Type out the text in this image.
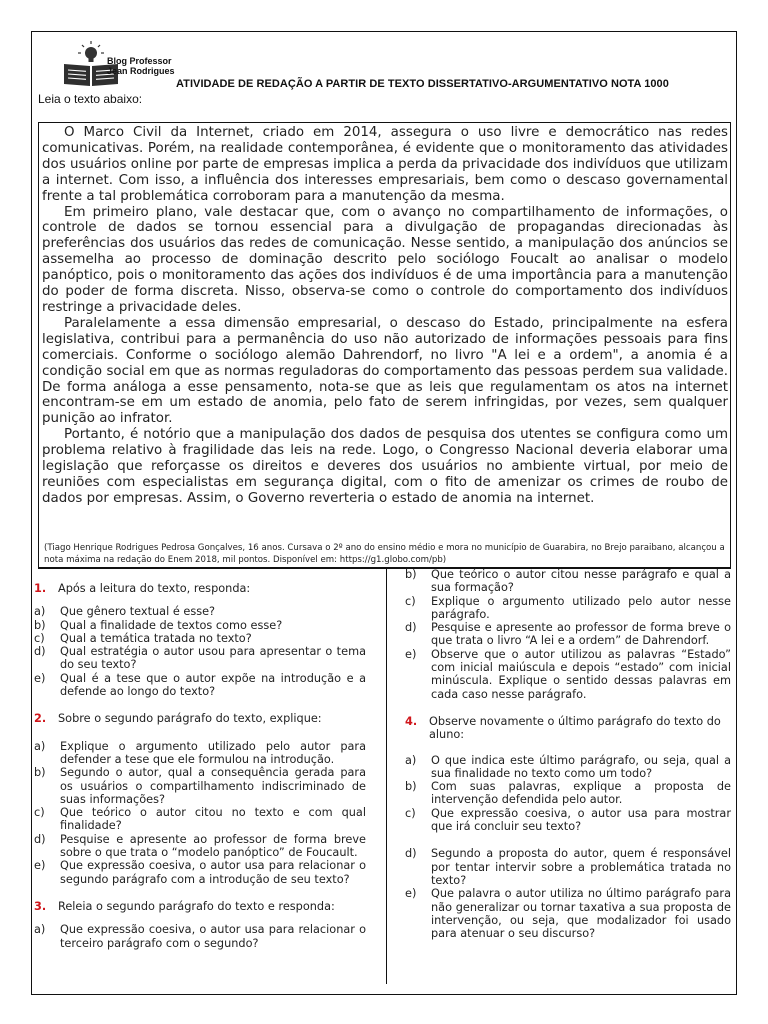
Blog Professor
Jean Rodrigues
ATIVIDADE DE REDAÇÃO A PARTIR DE TEXTO DISSERTATIVO-ARGUMENTATIVO NOTA 1000
Leia o texto abaixo:

O Marco Civil da Internet, criado em 2014, assegura o uso livre e democrático nas redes comunicativas. Porém, na realidade contemporânea, é evidente que o monitoramento das atividades dos usuários online por parte de empresas implica a perda da privacidade dos indivíduos que utilizam a internet. Com isso, a influência dos interesses empresariais, bem como o descaso governamental frente a tal problemática corroboram para a manutenção da mesma.

Em primeiro plano, vale destacar que, com o avanço no compartilhamento de informações, o controle de dados se tornou essencial para a divulgação de propagandas direcionadas às preferências dos usuários das redes de comunicação. Nesse sentido, a manipulação dos anúncios se assemelha ao processo de dominação descrito pelo sociólogo Foucalt ao analisar o modelo panóptico, pois o monitoramento das ações dos indivíduos é de uma importância para a manutenção do poder de forma discreta. Nisso, observa-se como o controle do comportamento dos indivíduos restringe a privacidade deles.

Paralelamente a essa dimensão empresarial, o descaso do Estado, principalmente na esfera legislativa, contribui para a permanência do uso não autorizado de informações pessoais para fins comerciais. Conforme o sociólogo alemão Dahrendorf, no livro "A lei e a ordem", a anomia é a condição social em que as normas reguladoras do comportamento das pessoas perdem sua validade. De forma análoga a esse pensamento, nota-se que as leis que regulamentam os atos na internet encontram-se em um estado de anomia, pelo fato de serem infringidas, por vezes, sem qualquer punição ao infrator.

Portanto, é notório que a manipulação dos dados de pesquisa dos utentes se configura como um problema relativo à fragilidade das leis na rede. Logo, o Congresso Nacional deveria elaborar uma legislação que reforçasse os direitos e deveres dos usuários no ambiente virtual, por meio de reuniões com especialistas em segurança digital, com o fito de amenizar os crimes de roubo de dados por empresas. Assim, o Governo reverteria o estado de anomia na internet.

(Tiago Henrique Rodrigues Pedrosa Gonçalves, 16 anos. Cursava o 2º ano do ensino médio e mora no município de Guarabira, no Brejo paraibano, alcançou a nota máxima na redação do Enem 2018, mil pontos. Disponível em: https://g1.globo.com/pb)
1.	Após a leitura do texto, responda:
a)	Que gênero textual é esse?
b)	Qual a finalidade de textos como esse?
c)	Qual a temática tratada no texto?
d)	Qual estratégia o autor usou para apresentar o tema do seu texto?
e)	Qual é a tese que o autor expõe na introdução e a defende ao longo do texto?
2.	Sobre o segundo parágrafo do texto, explique:
a)	Explique o argumento utilizado pelo autor para defender a tese que ele formulou na introdução.
b)	Segundo o autor, qual a consequência gerada para os usuários o compartilhamento indiscriminado de suas informações?
c)	Que teórico o autor citou no texto e com qual finalidade?
d)	Pesquise e apresente ao professor de forma breve sobre o que trata o “modelo panóptico” de Foucault.
e)	Que expressão coesiva, o autor usa para relacionar o segundo parágrafo com a introdução de seu texto?
3.	Releia o segundo parágrafo do texto e responda:
a)	Que expressão coesiva, o autor usa para relacionar o terceiro parágrafo com o segundo?
b)	Que teórico o autor citou nesse parágrafo e qual a sua formação?
c)	Explique o argumento utilizado pelo autor nesse parágrafo.
d)	Pesquise e apresente ao professor de forma breve o que trata o livro “A lei e a ordem” de Dahrendorf.
e)	Observe que o autor utilizou as palavras “Estado” com inicial maiúscula e depois “estado” com inicial minúscula. Explique o sentido dessas palavras em cada caso nesse parágrafo.
4.	Observe novamente o último parágrafo do texto do aluno:
a)	O que indica este último parágrafo, ou seja, qual a sua finalidade no texto como um todo?
b)	Com suas palavras, explique a proposta de intervenção defendida pelo autor.
c)	Que expressão coesiva, o autor usa para mostrar que irá concluir seu texto?
d)	Segundo a proposta do autor, quem é responsável por tentar intervir sobre a problemática tratada no texto?
e)	Que palavra o autor utiliza no último parágrafo para não generalizar ou tornar taxativa a sua proposta de intervenção, ou seja, que modalizador foi usado para atenuar o seu discurso?
